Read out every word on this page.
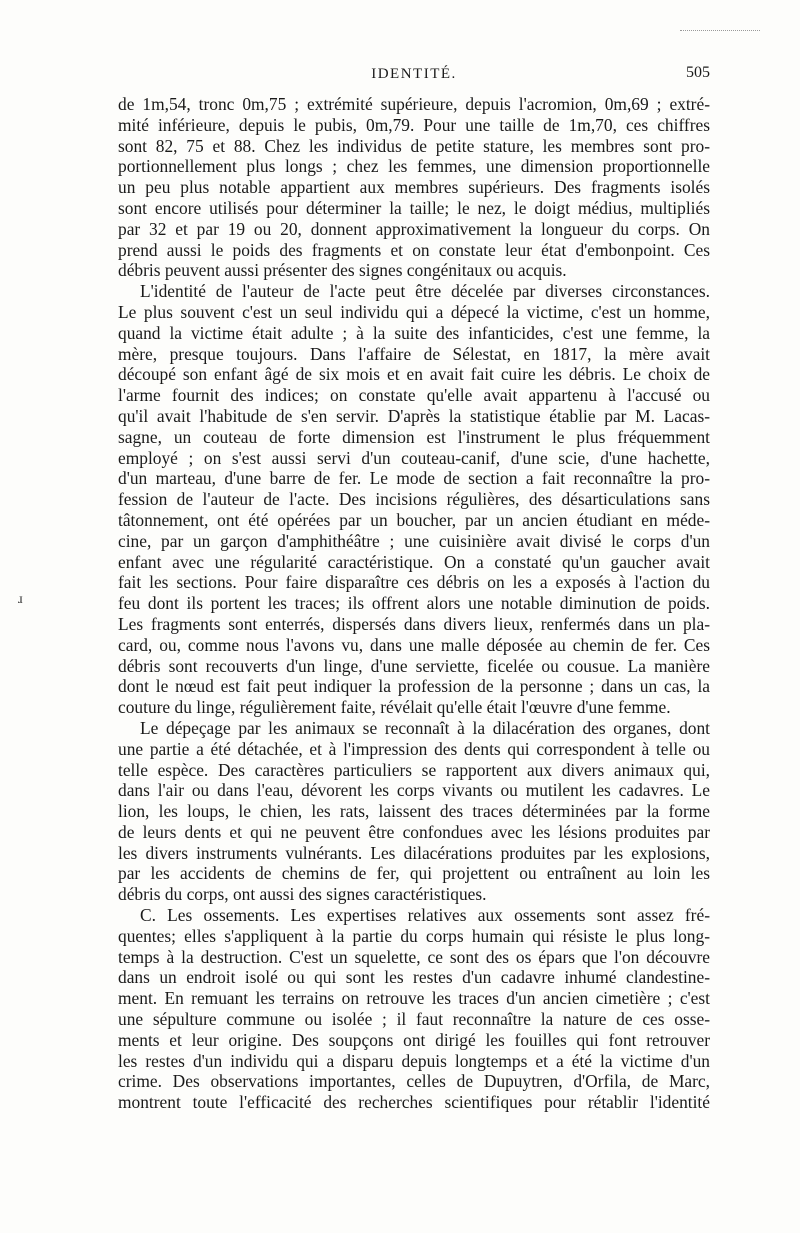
IDENTITÉ.	505
ɹ
de 1m,54, tronc 0m,75 ; extrémité supérieure, depuis l'acromion, 0m,69 ; extré-
mité inférieure, depuis le pubis, 0m,79. Pour une taille de 1m,70, ces chiffres
sont 82, 75 et 88. Chez les individus de petite stature, les membres sont pro-
portionnellement plus longs ; chez les femmes, une dimension proportionnelle
un peu plus notable appartient aux membres supérieurs. Des fragments isolés
sont encore utilisés pour déterminer la taille; le nez, le doigt médius, multipliés
par 32 et par 19 ou 20, donnent approximativement la longueur du corps. On
prend aussi le poids des fragments et on constate leur état d'embonpoint. Ces
débris peuvent aussi présenter des signes congénitaux ou acquis.
L'identité de l'auteur de l'acte peut être décelée par diverses circonstances.
Le plus souvent c'est un seul individu qui a dépecé la victime, c'est un homme,
quand la victime était adulte ; à la suite des infanticides, c'est une femme, la
mère, presque toujours. Dans l'affaire de Sélestat, en 1817, la mère avait
découpé son enfant âgé de six mois et en avait fait cuire les débris. Le choix de
l'arme fournit des indices; on constate qu'elle avait appartenu à l'accusé ou
qu'il avait l'habitude de s'en servir. D'après la statistique établie par M. Lacas-
sagne, un couteau de forte dimension est l'instrument le plus fréquemment
employé ; on s'est aussi servi d'un couteau-canif, d'une scie, d'une hachette,
d'un marteau, d'une barre de fer. Le mode de section a fait reconnaître la pro-
fession de l'auteur de l'acte. Des incisions régulières, des désarticulations sans
tâtonnement, ont été opérées par un boucher, par un ancien étudiant en méde-
cine, par un garçon d'amphithéâtre ; une cuisinière avait divisé le corps d'un
enfant avec une régularité caractéristique. On a constaté qu'un gaucher avait
fait les sections. Pour faire disparaître ces débris on les a exposés à l'action du
feu dont ils portent les traces; ils offrent alors une notable diminution de poids.
Les fragments sont enterrés, dispersés dans divers lieux, renfermés dans un pla-
card, ou, comme nous l'avons vu, dans une malle déposée au chemin de fer. Ces
débris sont recouverts d'un linge, d'une serviette, ficelée ou cousue. La manière
dont le nœud est fait peut indiquer la profession de la personne ; dans un cas, la
couture du linge, régulièrement faite, révélait qu'elle était l'œuvre d'une femme.
Le dépeçage par les animaux se reconnaît à la dilacération des organes, dont
une partie a été détachée, et à l'impression des dents qui correspondent à telle ou
telle espèce. Des caractères particuliers se rapportent aux divers animaux qui,
dans l'air ou dans l'eau, dévorent les corps vivants ou mutilent les cadavres. Le
lion, les loups, le chien, les rats, laissent des traces déterminées par la forme
de leurs dents et qui ne peuvent être confondues avec les lésions produites par
les divers instruments vulnérants. Les dilacérations produites par les explosions,
par les accidents de chemins de fer, qui projettent ou entraînent au loin les
débris du corps, ont aussi des signes caractéristiques.
C. Les ossements. Les expertises relatives aux ossements sont assez fré-
quentes; elles s'appliquent à la partie du corps humain qui résiste le plus long-
temps à la destruction. C'est un squelette, ce sont des os épars que l'on découvre
dans un endroit isolé ou qui sont les restes d'un cadavre inhumé clandestine-
ment. En remuant les terrains on retrouve les traces d'un ancien cimetière ; c'est
une sépulture commune ou isolée ; il faut reconnaître la nature de ces osse-
ments et leur origine. Des soupçons ont dirigé les fouilles qui font retrouver
les restes d'un individu qui a disparu depuis longtemps et a été la victime d'un
crime. Des observations importantes, celles de Dupuytren, d'Orfila, de Marc,
montrent toute l'efficacité des recherches scientifiques pour rétablir l'identité
